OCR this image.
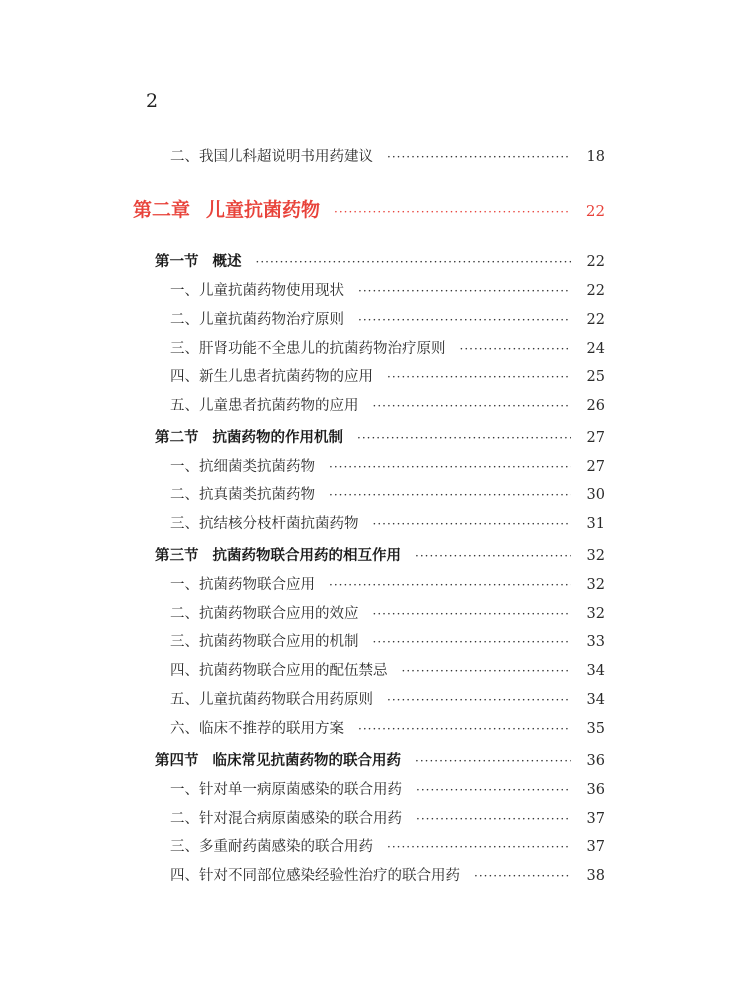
2
二、我国儿科超说明书用药建议 ·····	18
第二章 儿童抗菌药物 ·····	22
第一节 概述 ·····	22
一、儿童抗菌药物使用现状 ·····	22
二、儿童抗菌药物治疗原则 ·····	22
三、肝肾功能不全患儿的抗菌药物治疗原则 ·····	24
四、新生儿患者抗菌药物的应用 ·····	25
五、儿童患者抗菌药物的应用 ·····	26
第二节 抗菌药物的作用机制 ·····	27
一、抗细菌类抗菌药物 ·····	27
二、抗真菌类抗菌药物 ·····	30
三、抗结核分枝杆菌抗菌药物 ·····	31
第三节 抗菌药物联合用药的相互作用 ·····	32
一、抗菌药物联合应用 ·····	32
二、抗菌药物联合应用的效应 ·····	32
三、抗菌药物联合应用的机制 ·····	33
四、抗菌药物联合应用的配伍禁忌 ·····	34
五、儿童抗菌药物联合用药原则 ·····	34
六、临床不推荐的联用方案 ·····	35
第四节 临床常见抗菌药物的联合用药 ·····	36
一、针对单一病原菌感染的联合用药 ·····	36
二、针对混合病原菌感染的联合用药 ·····	37
三、多重耐药菌感染的联合用药 ·····	37
四、针对不同部位感染经验性治疗的联合用药 ·····	38
